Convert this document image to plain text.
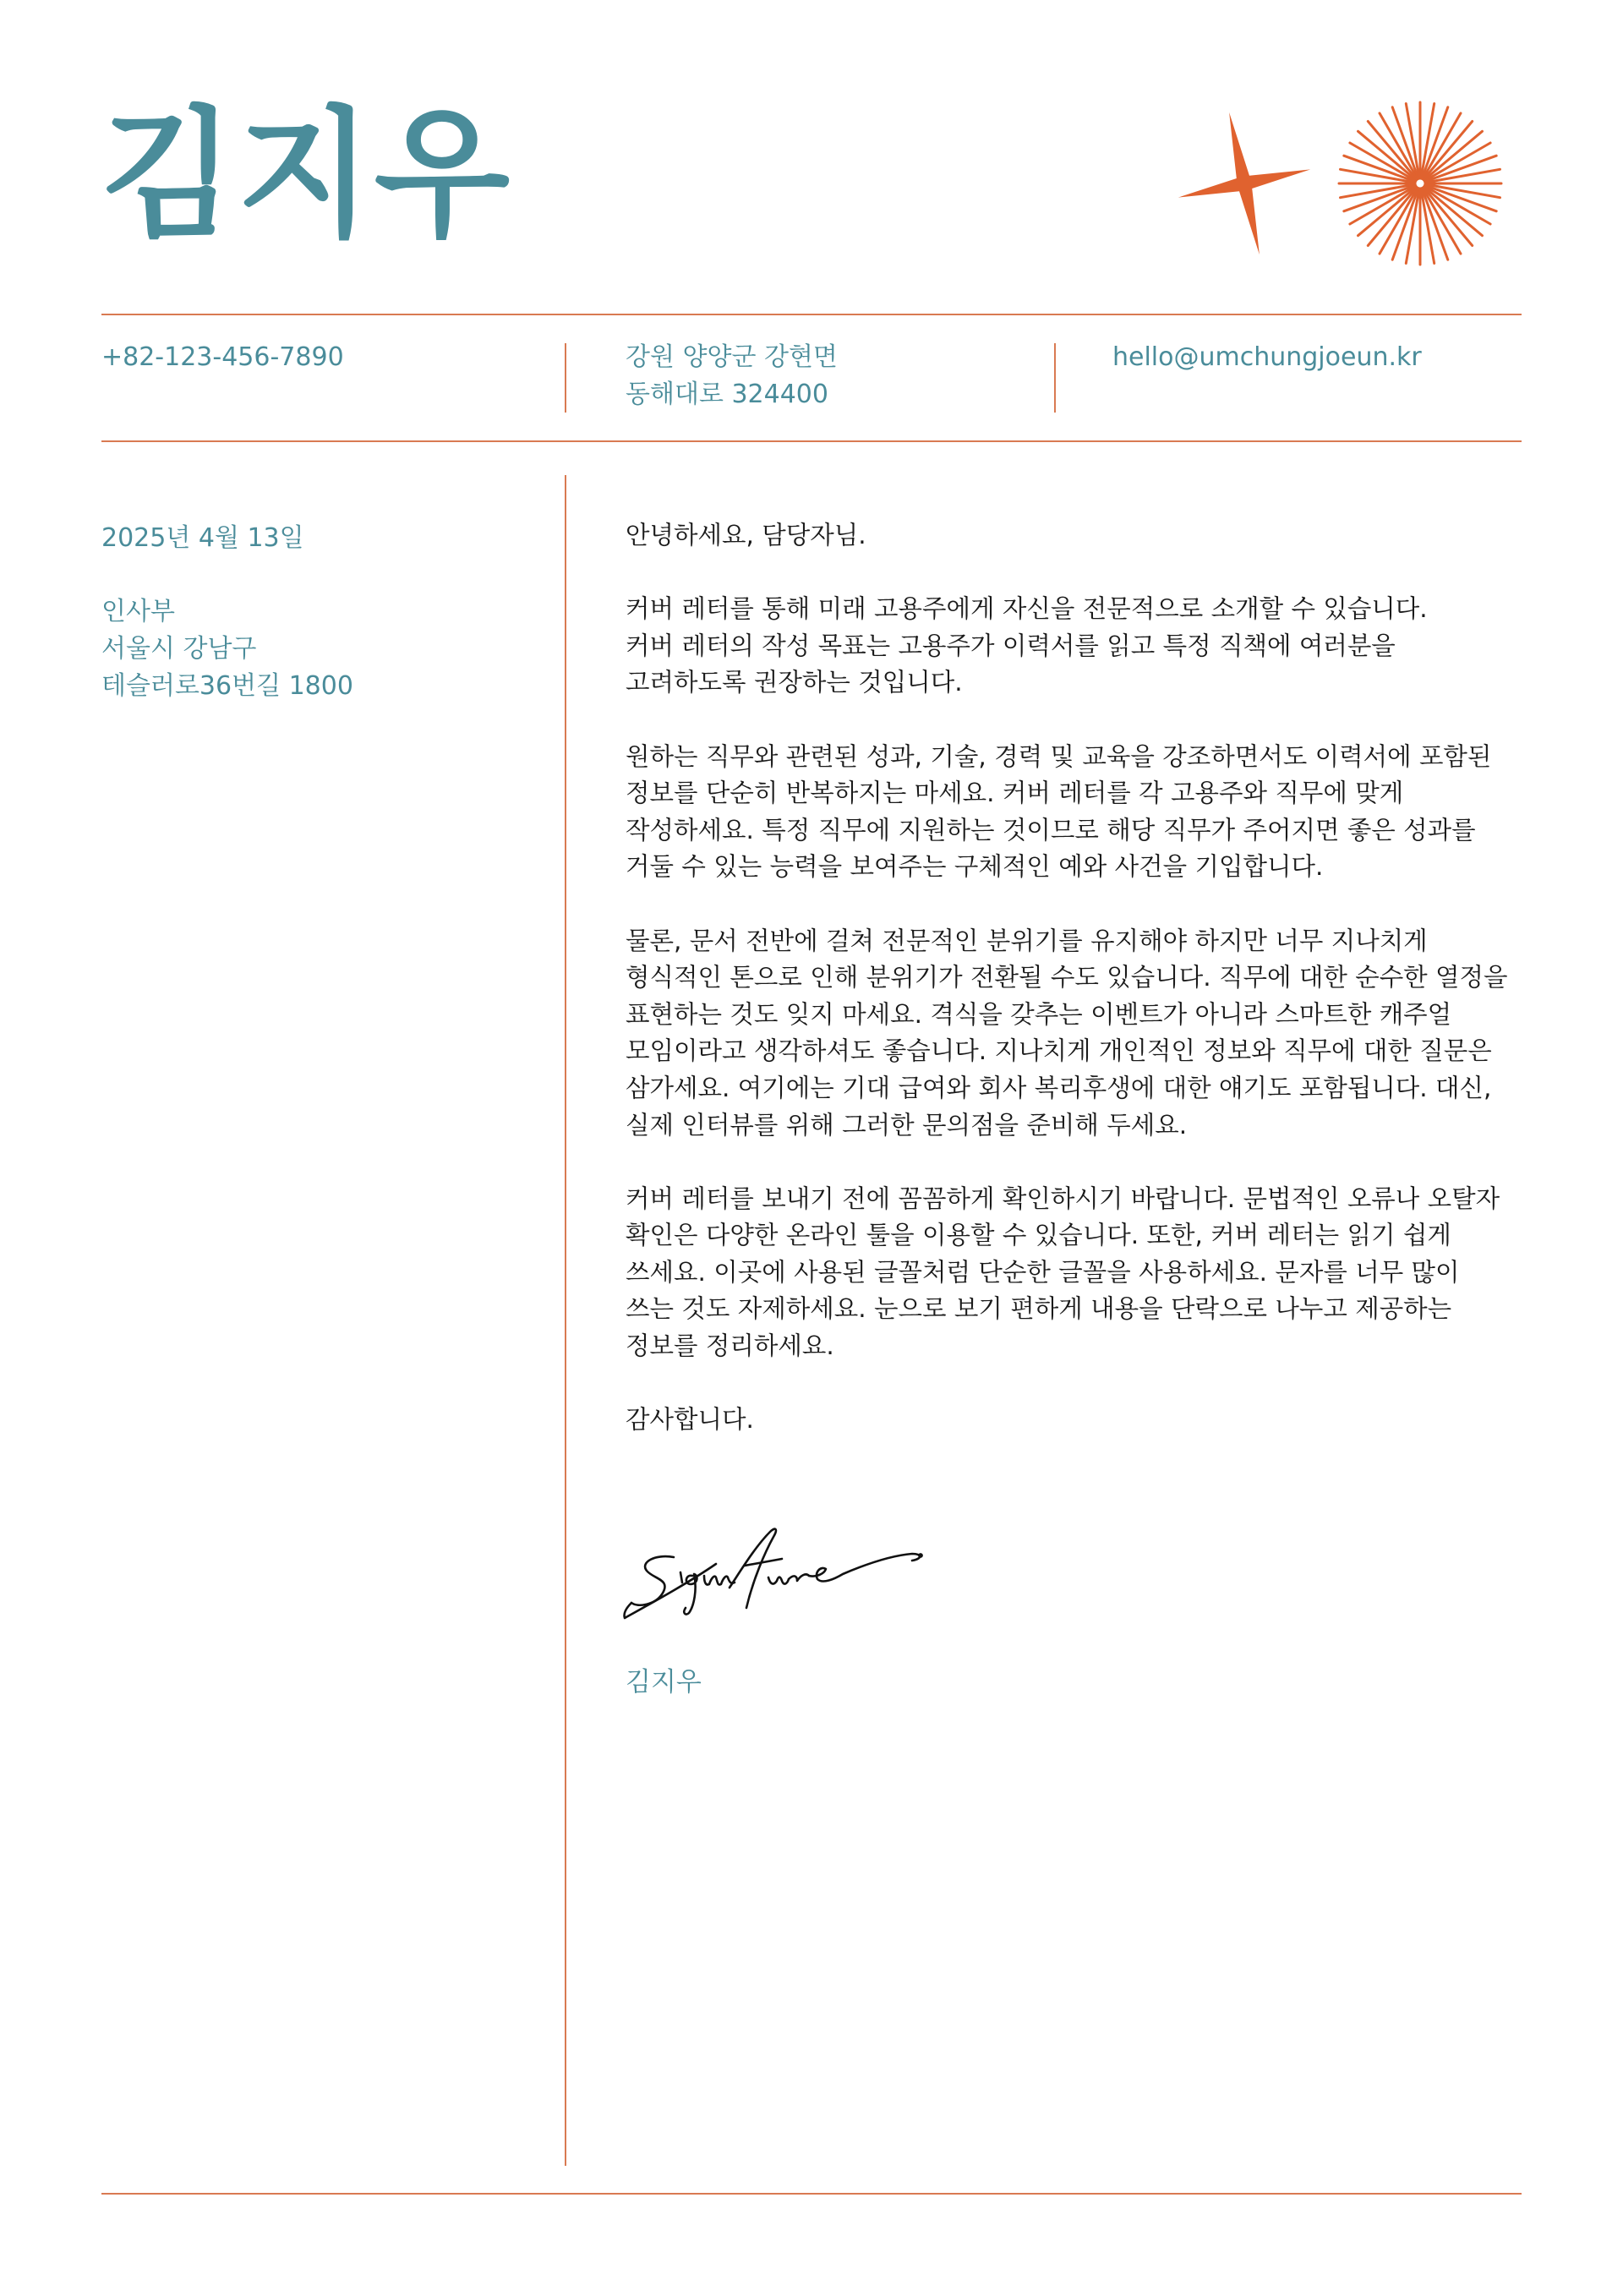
김지우

+82-123-456-7890	강원 양양군 강현면
동해대로 324400

hello@umchungjoeun.kr

2025년 4월 13일

인사부
서울시 강남구
테슬러로36번길 1800

안녕하세요, 담당자님.

커버 레터를 통해 미래 고용주에게 자신을 전문적으로 소개할 수 있습니다.
커버 레터의 작성 목표는 고용주가 이력서를 읽고 특정 직책에 여러분을
고려하도록 권장하는 것입니다.

원하는 직무와 관련된 성과, 기술, 경력 및 교육을 강조하면서도 이력서에 포함된
정보를 단순히 반복하지는 마세요. 커버 레터를 각 고용주와 직무에 맞게
작성하세요. 특정 직무에 지원하는 것이므로 해당 직무가 주어지면 좋은 성과를
거둘 수 있는 능력을 보여주는 구체적인 예와 사건을 기입합니다.

물론, 문서 전반에 걸쳐 전문적인 분위기를 유지해야 하지만 너무 지나치게
형식적인 톤으로 인해 분위기가 전환될 수도 있습니다. 직무에 대한 순수한 열정을
표현하는 것도 잊지 마세요. 격식을 갖추는 이벤트가 아니라 스마트한 캐주얼
모임이라고 생각하셔도 좋습니다. 지나치게 개인적인 정보와 직무에 대한 질문은
삼가세요. 여기에는 기대 급여와 회사 복리후생에 대한 얘기도 포함됩니다. 대신,
실제 인터뷰를 위해 그러한 문의점을 준비해 두세요.

커버 레터를 보내기 전에 꼼꼼하게 확인하시기 바랍니다. 문법적인 오류나 오탈자
확인은 다양한 온라인 툴을 이용할 수 있습니다. 또한, 커버 레터는 읽기 쉽게
쓰세요. 이곳에 사용된 글꼴처럼 단순한 글꼴을 사용하세요. 문자를 너무 많이
쓰는 것도 자제하세요. 눈으로 보기 편하게 내용을 단락으로 나누고 제공하는
정보를 정리하세요.

감사합니다.

김지우
